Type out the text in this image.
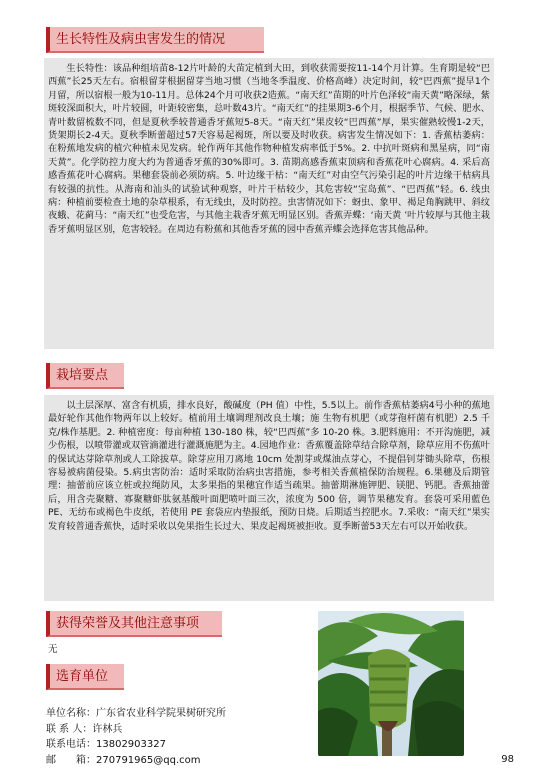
生长特性及病虫害发生的情况
生长特性：该品种组培苗8-12片叶龄的大苗定植到大田，到收获需要按11-14个月计算。生育期是较“巴西蕉”长25天左右。宿根留芽根据留芽当地习惯（当地冬季温度、价格高峰）决定时间，较“巴西蕉”提早1个月留，所以宿根一般为10-11月。总体24个月可收获2造蕉。“南天红”苗期的叶片色泽较“南天黄”略深绿，紫斑较深面积大，叶片较圆，叶距较密集，总叶数43片。“南天红”的挂果期3-6个月，根据季节、气候、肥水、青叶数留梳数不同，但是夏秋季较普通香牙蕉短5-8天。“南天红”果皮较“巴西蕉”厚，果实催熟较慢1-2天，货架期长2-4天。夏秋季断蕾超过57天容易起褐斑，所以要及时收获。病害发生情况如下：1. 香蕉枯萎病：在粉蕉地发病的植穴种植未见发病。轮作两年其他作物种植发病率低于5%。2. 中抗叶斑病和黑星病，同“南天黄”。化学防控力度大约为普通香牙蕉的30%即可。3. 苗期高感香蕉束顶病和香蕉花叶心腐病。4. 采后高感香蕉花叶心腐病。果穗套袋前必须防病。5. 叶边缘干枯：“南天红”对由空气污染引起的叶片边缘干枯病具有较强的抗性。从海南和汕头的试验试种观察，叶片干枯较少，其危害较“宝岛蕉”、“巴西蕉”轻。6. 线虫病：种植前要检查土地的杂草根系，有无线虫，及时防控。虫害情况如下：蚜虫、象甲、褐足角胸跳甲、斜纹夜蛾、花蓟马：“南天红”也受危害，与其他主栽香牙蕉无明显区别。香蕉弄蝶：‘南天黄 ’叶片较厚与其他主栽香牙蕉明显区别，危害较轻。在周边有粉蕉和其他香牙蕉的园中香蕉弄蝶会选择危害其他品种。
栽培要点
以土层深厚、富含有机质，排水良好，酸碱度（PH 值）中性，5.5以上。前作香蕉枯萎病4号小种的蕉地最好轮作其他作物两年以上较好。植前用土壤调理剂改良土壤；施 生物有机肥（或芽孢杆菌有机肥）2.5 千克/株作基肥。2. 种植密度：每亩种植 130-180 株，较“巴西蕉”多 10-20 株。3.肥料施用：不开沟施肥，减少伤根，以喷带灌或双管滴灌进行灌溉施肥为主。4.园地作业：香蕉覆盖除草结合除草剂，除草应用不伤蕉叶的保试达芽除草剂或人工除拔草。除芽应用刀离地 10cm 处割芽或煤油点芽心，不提倡钊芽锄头除草，伤根容易被病菌侵染。5.病虫害防治：适时采取防治病虫害措施，参考相关香蕉植保防治规程。6.果穗及后期管理：抽蕾前应该立桩或拉绳防风，太多果指的果穗宜作适当疏果。抽蕾期淋施钾肥、镁肥、钙肥。香蕉抽蕾后，用含壳聚糖、寡聚糖虾肽氨基酸叶面肥喷叶面三次，浓度为 500 倍，调节果穗发育。套袋可采用藍色 PE、无纺布或褐色牛皮纸，若使用 PE 套袋应内垫报纸，预防日烧。后期适当控肥水。7.采收：“南天红”果实发育较普通香蕉快，适时采收以免果指生长过大、果皮起褐斑被拒收。夏季断蕾53天左右可以开始收获。
获得荣誉及其他注意事项
无
选育单位
单位名称：广东省农业科学院果树研究所
联 系 人：许林兵
联系电话：13802903327
邮　　箱：270791965@qq.com	98
